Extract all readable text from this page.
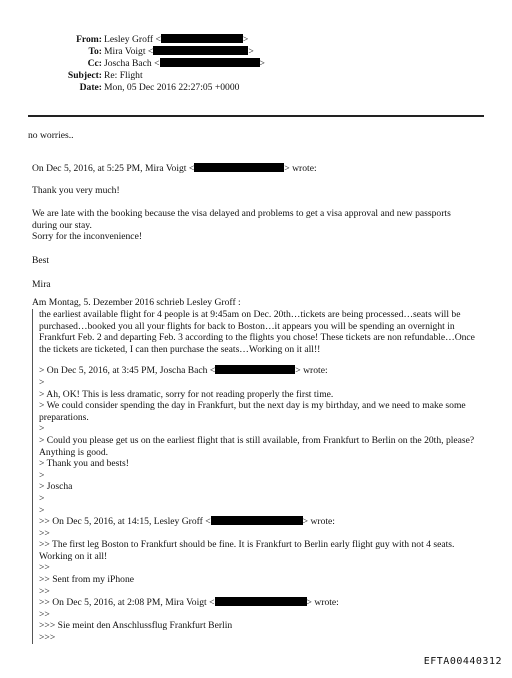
From: Lesley Groff <	>
To: Mira Voigt <	>
Cc: Joscha Bach <	>
Subject: Re: Flight
Date: Mon, 05 Dec 2016 22:27:05 +0000
no worries..
On Dec 5, 2016, at 5:25 PM, Mira Voigt <	> wrote:
Thank you very much!
We are late with the booking because the visa delayed and problems to get a visa approval and new passports during our stay.
Sorry for the inconvenience!
Best
Mira
Am Montag, 5. Dezember 2016 schrieb Lesley Groff :
the earliest available flight for 4 people is at 9:45am on Dec. 20th…tickets are being processed…seats will be purchased…booked you all your flights for back to Boston…it appears you will be spending an overnight in Frankfurt Feb. 2 and departing Feb. 3 according to the flights you chose! These tickets are non refundable…Once the tickets are ticketed, I can then purchase the seats…Working on it all!!
> On Dec 5, 2016, at 3:45 PM, Joscha Bach <	> wrote:
>
> Ah, OK! This is less dramatic, sorry for not reading properly the first time.
> We could consider spending the day in Frankfurt, but the next day is my birthday, and we need to make some preparations.
>
> Could you please get us on the earliest flight that is still available, from Frankfurt to Berlin on the 20th, please? Anything is good.
> Thank you and bests!
>
> Joscha
>
>
>> On Dec 5, 2016, at 14:15, Lesley Groff <	> wrote:
>>
>> The first leg Boston to Frankfurt should be fine. It is Frankfurt to Berlin early flight guy with not 4 seats. Working on it all!
>>
>> Sent from my iPhone
>>
>> On Dec 5, 2016, at 2:08 PM, Mira Voigt <	> wrote:
>>
>>> Sie meint den Anschlussflug Frankfurt Berlin
>>>
EFTA00440312
